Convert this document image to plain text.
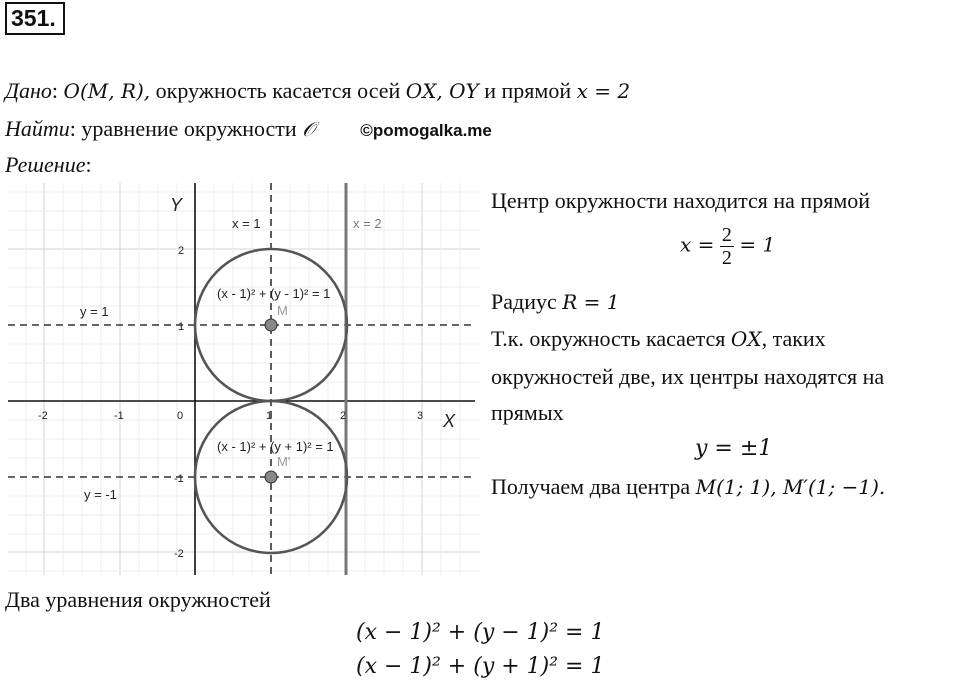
351.
Дано: 𝑂(𝑀, 𝑅), окружность касается осей 𝑂𝑋, 𝑂𝑌 и прямой 𝑥 = 2
Найти: уравнение окружности 𝒪	©pomogalka.me
Решение:
Y
X
-2	-1	0	1	2	3
2
1
-1
-2
x = 1	x = 2
y = 1
y = -1
(x - 1)² + (y - 1)² = 1
(x - 1)² + (y + 1)² = 1
M
M'
Центр окружности находится на прямой
𝑥 = $\frac{2}{2} = 1$
Радиус 𝑅 = 1
Т.к. окружность касается 𝑂𝑋, таких
окружностей две, их центры находятся на
прямых
𝑦 = ±1
Получаем два центра 𝑀(1; 1), 𝑀′(1; −1).
Два уравнения окружностей
(𝑥 − 1)² + (𝑦 − 1)² = 1
(𝑥 − 1)² + (𝑦 + 1)² = 1
